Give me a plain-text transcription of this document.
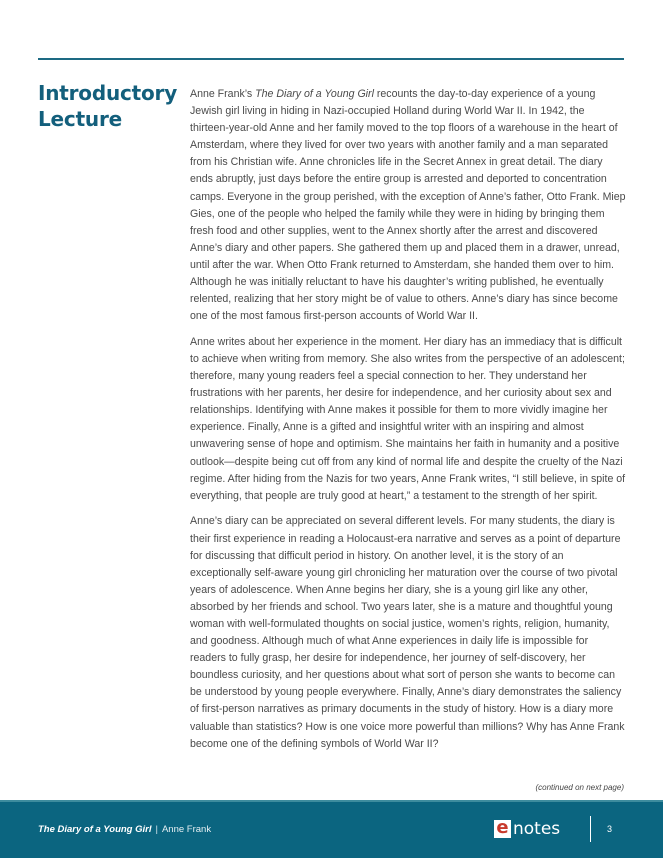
Introductory
Lecture

Anne Frank’s The Diary of a Young Girl recounts the day-to-day experience of a young Jewish girl living in hiding in Nazi-occupied Holland during World War II. In 1942, the thirteen-year-old Anne and her family moved to the top floors of a warehouse in the heart of Amsterdam, where they lived for over two years with another family and a man separated from his Christian wife. Anne chronicles life in the Secret Annex in great detail. The diary ends abruptly, just days before the entire group is arrested and deported to concentration camps. Everyone in the group perished, with the exception of Anne’s father, Otto Frank. Miep Gies, one of the people who helped the family while they were in hiding by bringing them fresh food and other supplies, went to the Annex shortly after the arrest and discovered Anne’s diary and other papers. She gathered them up and placed them in a drawer, unread, until after the war. When Otto Frank returned to Amsterdam, she handed them over to him. Although he was initially reluctant to have his daughter’s writing published, he eventually relented, realizing that her story might be of value to others. Anne’s diary has since become one of the most famous first-person accounts of World War II.

Anne writes about her experience in the moment. Her diary has an immediacy that is difficult to achieve when writing from memory. She also writes from the perspective of an adolescent; therefore, many young readers feel a special connection to her. They understand her frustrations with her parents, her desire for independence, and her curiosity about sex and relationships. Identifying with Anne makes it possible for them to more vividly imagine her experience. Finally, Anne is a gifted and insightful writer with an inspiring and almost unwavering sense of hope and optimism. She maintains her faith in humanity and a positive outlook—despite being cut off from any kind of normal life and despite the cruelty of the Nazi regime. After hiding from the Nazis for two years, Anne Frank writes, “I still believe, in spite of everything, that people are truly good at heart,” a testament to the strength of her spirit.

Anne’s diary can be appreciated on several different levels. For many students, the diary is their first experience in reading a Holocaust-era narrative and serves as a point of departure for discussing that difficult period in history. On another level, it is the story of an exceptionally self-aware young girl chronicling her maturation over the course of two pivotal years of adolescence. When Anne begins her diary, she is a young girl like any other, absorbed by her friends and school. Two years later, she is a mature and thoughtful young woman with well-formulated thoughts on social justice, women’s rights, religion, humanity, and goodness. Although much of what Anne experiences in daily life is impossible for readers to fully grasp, her desire for independence, her journey of self-discovery, her boundless curiosity, and her questions about what sort of person she wants to become can be understood by young people everywhere. Finally, Anne’s diary demonstrates the saliency of first-person narratives as primary documents in the study of history. How is a diary more valuable than statistics? How is one voice more powerful than millions? Why has Anne Frank become one of the defining symbols of World War II?

(continued on next page)
The Diary of a Young Girl | Anne Frank	e notes	3
